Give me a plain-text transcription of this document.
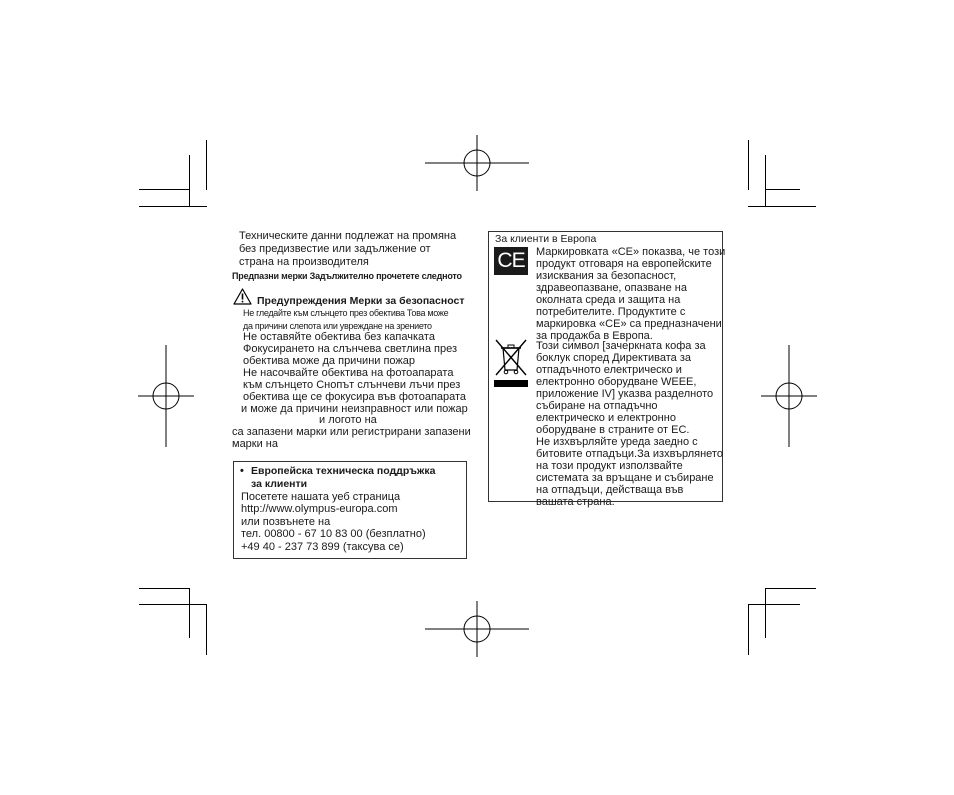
Техническите данни подлежат на промяна
без предизвестие или задължение от
страна на производителя
Предпазни мерки Задължително прочетете следното
Предупреждения Мерки за безопасност
Не гледайте към слънцето през обектива Това може
да причини слепота или увреждане на зрението
Не оставяйте обектива без капачката
Фокусирането на слънчева светлина през
обектива може да причини пожар
Не насочвайте обектива на фотоапарата
към слънцето Снопът слънчеви лъчи през
обектива ще се фокусира във фотоапарата
и може да причини неизправност или пожар
и логото на
са запазени марки или регистрирани запазени
марки на
• Европейска техническа поддръжка
за клиенти
Посетете нашата уеб страница
http://www.olympus-europa.com
или позвънете на
тел. 00800 - 67 10 83 00 (безплатно)
+49 40 - 237 73 899 (таксува се)
За клиенти в Европа
CE	Маркировката «CE» показва, че този
продукт отговаря на европейските
изисквания за безопасност,
здравеопазване, опазване на
околната среда и защита на
потребителите. Продуктите с
маркировка «CE» са предназначени
за продажба в Европа.
Този символ [зачеркната кофа за
боклук според Директивата за
отпадъчното електрическо и
електронно оборудване WEEE,
приложение IV] указва разделното
събиране на отпадъчно
електрическо и електронно
оборудване в страните от ЕС.
Не изхвърляйте уреда заедно с
битовите отпадъци.За изхвърлянето
на този продукт използвайте
системата за връщане и събиране
на отпадъци, действаща във
вашата страна.
